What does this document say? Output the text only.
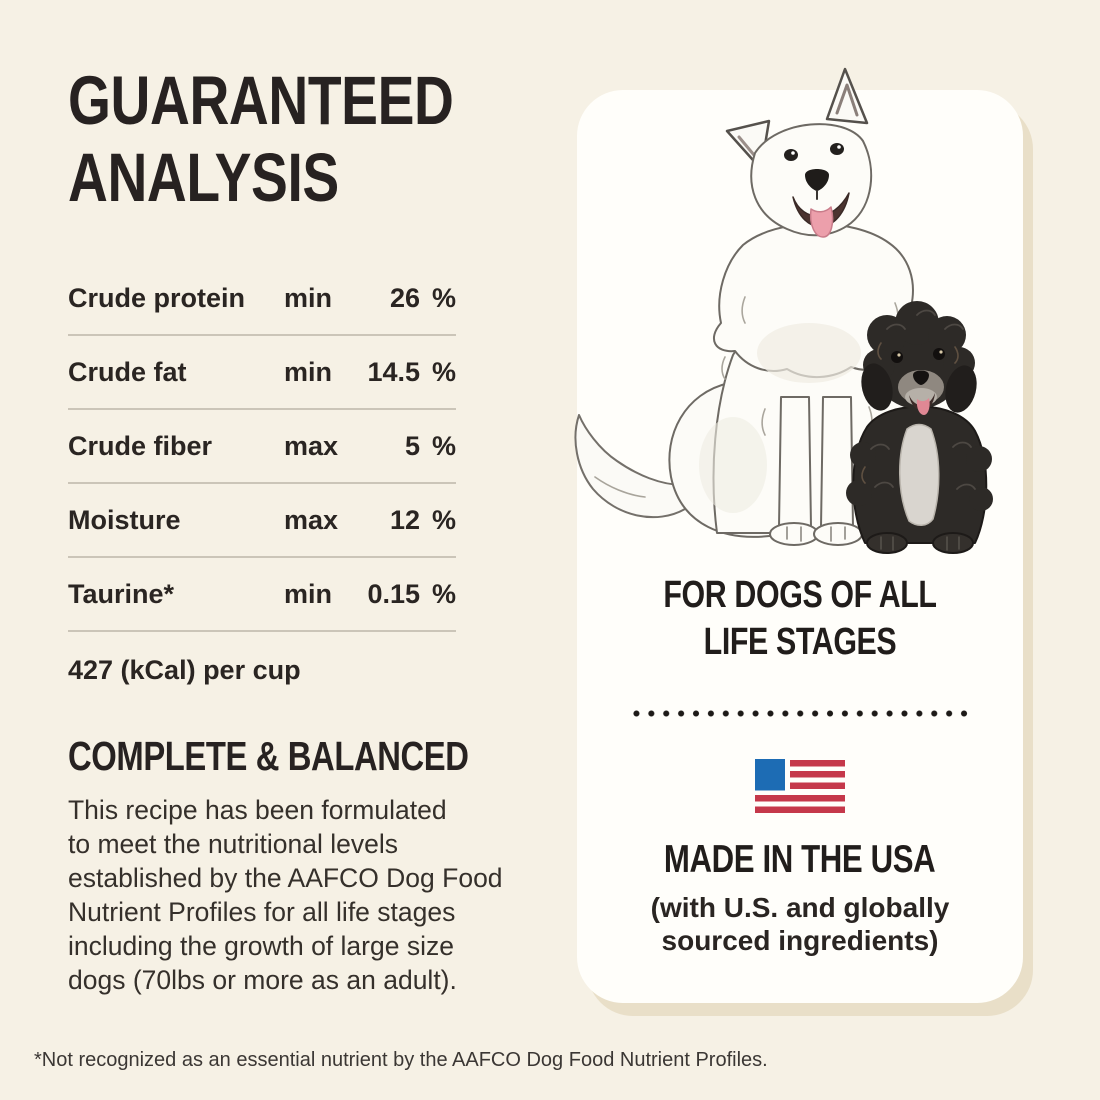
GUARANTEED
ANALYSIS
Crude protein	min	26 %
Crude fat	min	14.5 %
Crude fiber	max	5 %
Moisture	max	12 %
Taurine*	min	0.15 %
427 (kCal) per cup
COMPLETE & BALANCED
This recipe has been formulated
to meet the nutritional levels
established by the AAFCO Dog Food
Nutrient Profiles for all life stages
including the growth of large size
dogs (70lbs or more as an adult).
*Not recognized as an essential nutrient by the AAFCO Dog Food Nutrient Profiles.
FOR DOGS OF ALL
LIFE STAGES
MADE IN THE USA
(with U.S. and globally
sourced ingredients)
